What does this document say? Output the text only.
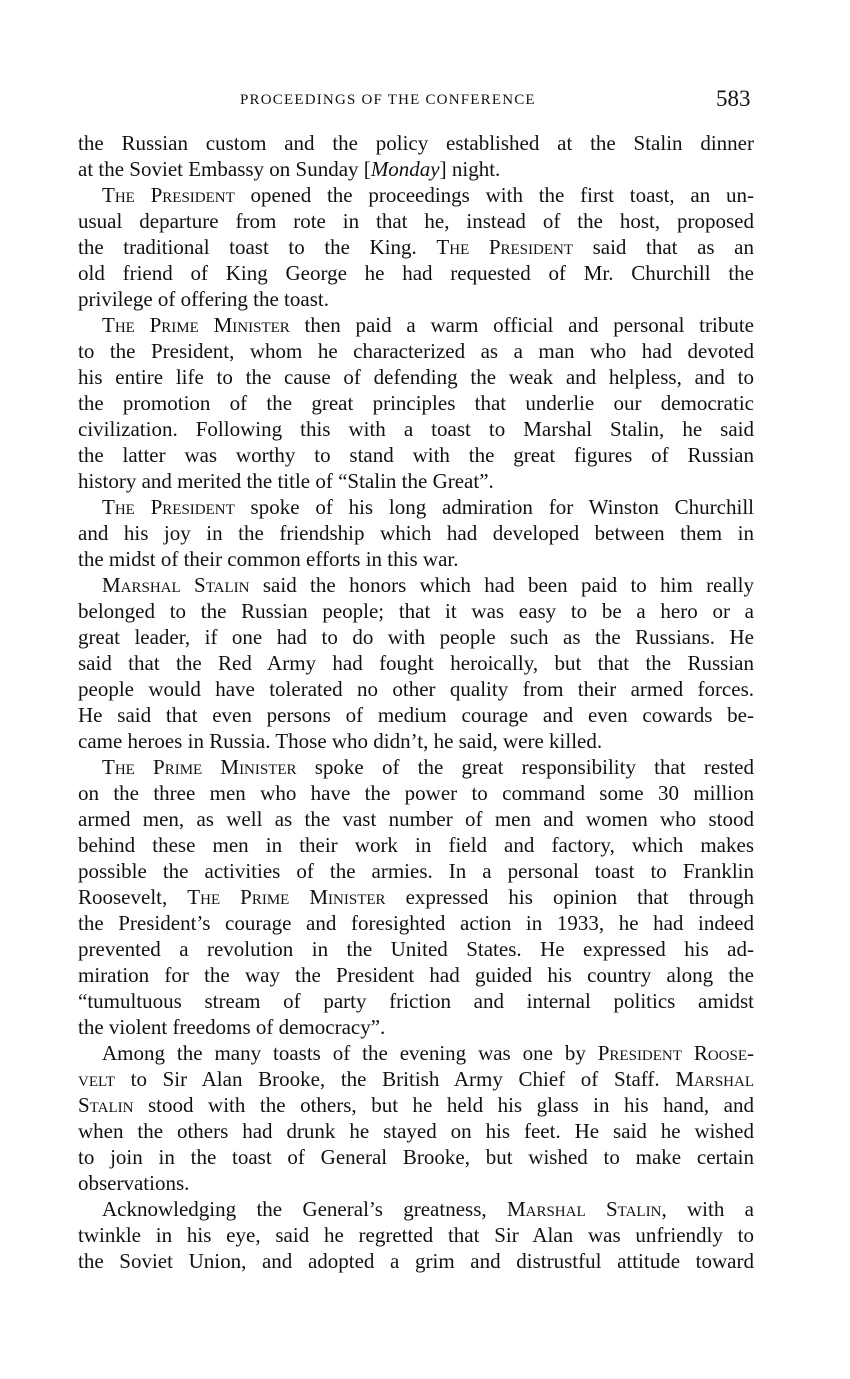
PROCEEDINGS OF THE CONFERENCE	583
the Russian custom and the policy established at the Stalin dinner
at the Soviet Embassy on Sunday [Monday] night.
The President opened the proceedings with the first toast, an un-
usual departure from rote in that he, instead of the host, proposed
the traditional toast to the King. The President said that as an
old friend of King George he had requested of Mr. Churchill the
privilege of offering the toast.
The Prime Minister then paid a warm official and personal tribute
to the President, whom he characterized as a man who had devoted
his entire life to the cause of defending the weak and helpless, and to
the promotion of the great principles that underlie our democratic
civilization. Following this with a toast to Marshal Stalin, he said
the latter was worthy to stand with the great figures of Russian
history and merited the title of “Stalin the Great”.
The President spoke of his long admiration for Winston Churchill
and his joy in the friendship which had developed between them in
the midst of their common efforts in this war.
Marshal Stalin said the honors which had been paid to him really
belonged to the Russian people; that it was easy to be a hero or a
great leader, if one had to do with people such as the Russians. He
said that the Red Army had fought heroically, but that the Russian
people would have tolerated no other quality from their armed forces.
He said that even persons of medium courage and even cowards be-
came heroes in Russia. Those who didn’t, he said, were killed.
The Prime Minister spoke of the great responsibility that rested
on the three men who have the power to command some 30 million
armed men, as well as the vast number of men and women who stood
behind these men in their work in field and factory, which makes
possible the activities of the armies. In a personal toast to Franklin
Roosevelt, The Prime Minister expressed his opinion that through
the President’s courage and foresighted action in 1933, he had indeed
prevented a revolution in the United States. He expressed his ad-
miration for the way the President had guided his country along the
“tumultuous stream of party friction and internal politics amidst
the violent freedoms of democracy”.
Among the many toasts of the evening was one by President Roose-
velt to Sir Alan Brooke, the British Army Chief of Staff. Marshal
Stalin stood with the others, but he held his glass in his hand, and
when the others had drunk he stayed on his feet. He said he wished
to join in the toast of General Brooke, but wished to make certain
observations.
Acknowledging the General’s greatness, Marshal Stalin, with a
twinkle in his eye, said he regretted that Sir Alan was unfriendly to
the Soviet Union, and adopted a grim and distrustful attitude toward
